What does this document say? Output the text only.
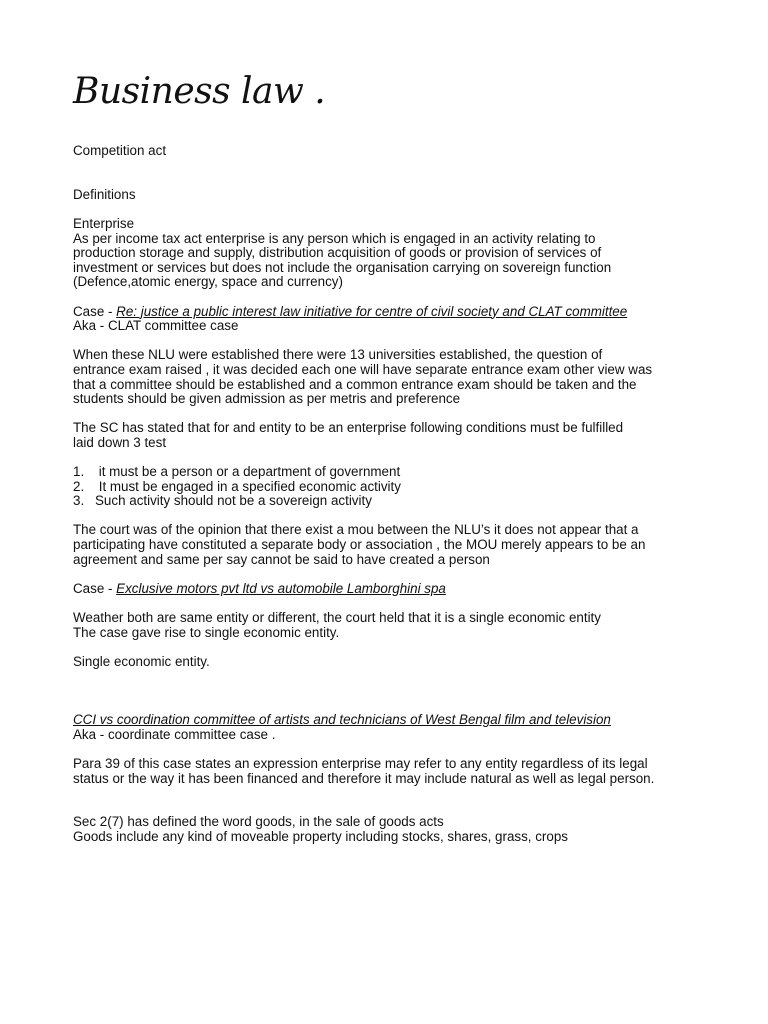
Business law .
Competition act
Definitions
Enterprise
As per income tax act enterprise is any person which is engaged in an activity relating to
production storage and supply, distribution acquisition of goods or provision of services of
investment or services but does not include the organisation carrying on sovereign function
(Defence,atomic energy, space and currency)
Case - Re: justice a public interest law initiative for centre of civil society and CLAT committee
Aka - CLAT committee case
When these NLU were established there were 13 universities established, the question of
entrance exam raised , it was decided each one will have separate entrance exam other view was
that a committee should be established and a common entrance exam should be taken and the
students should be given admission as per metris and preference
The SC has stated that for and entity to be an enterprise following conditions must be fulfilled
laid down 3 test
1. it must be a person or a department of government
2. It must be engaged in a specified economic activity
3. Such activity should not be a sovereign activity
The court was of the opinion that there exist a mou between the NLU’s it does not appear that a
participating have constituted a separate body or association , the MOU merely appears to be an
agreement and same per say cannot be said to have created a person
Case - Exclusive motors pvt ltd vs automobile Lamborghini spa
Weather both are same entity or different, the court held that it is a single economic entity
The case gave rise to single economic entity.
Single economic entity.
CCI vs coordination committee of artists and technicians of West Bengal film and television
Aka - coordinate committee case .
Para 39 of this case states an expression enterprise may refer to any entity regardless of its legal
status or the way it has been financed and therefore it may include natural as well as legal person.
Sec 2(7) has defined the word goods, in the sale of goods acts
Goods include any kind of moveable property including stocks, shares, grass, crops
